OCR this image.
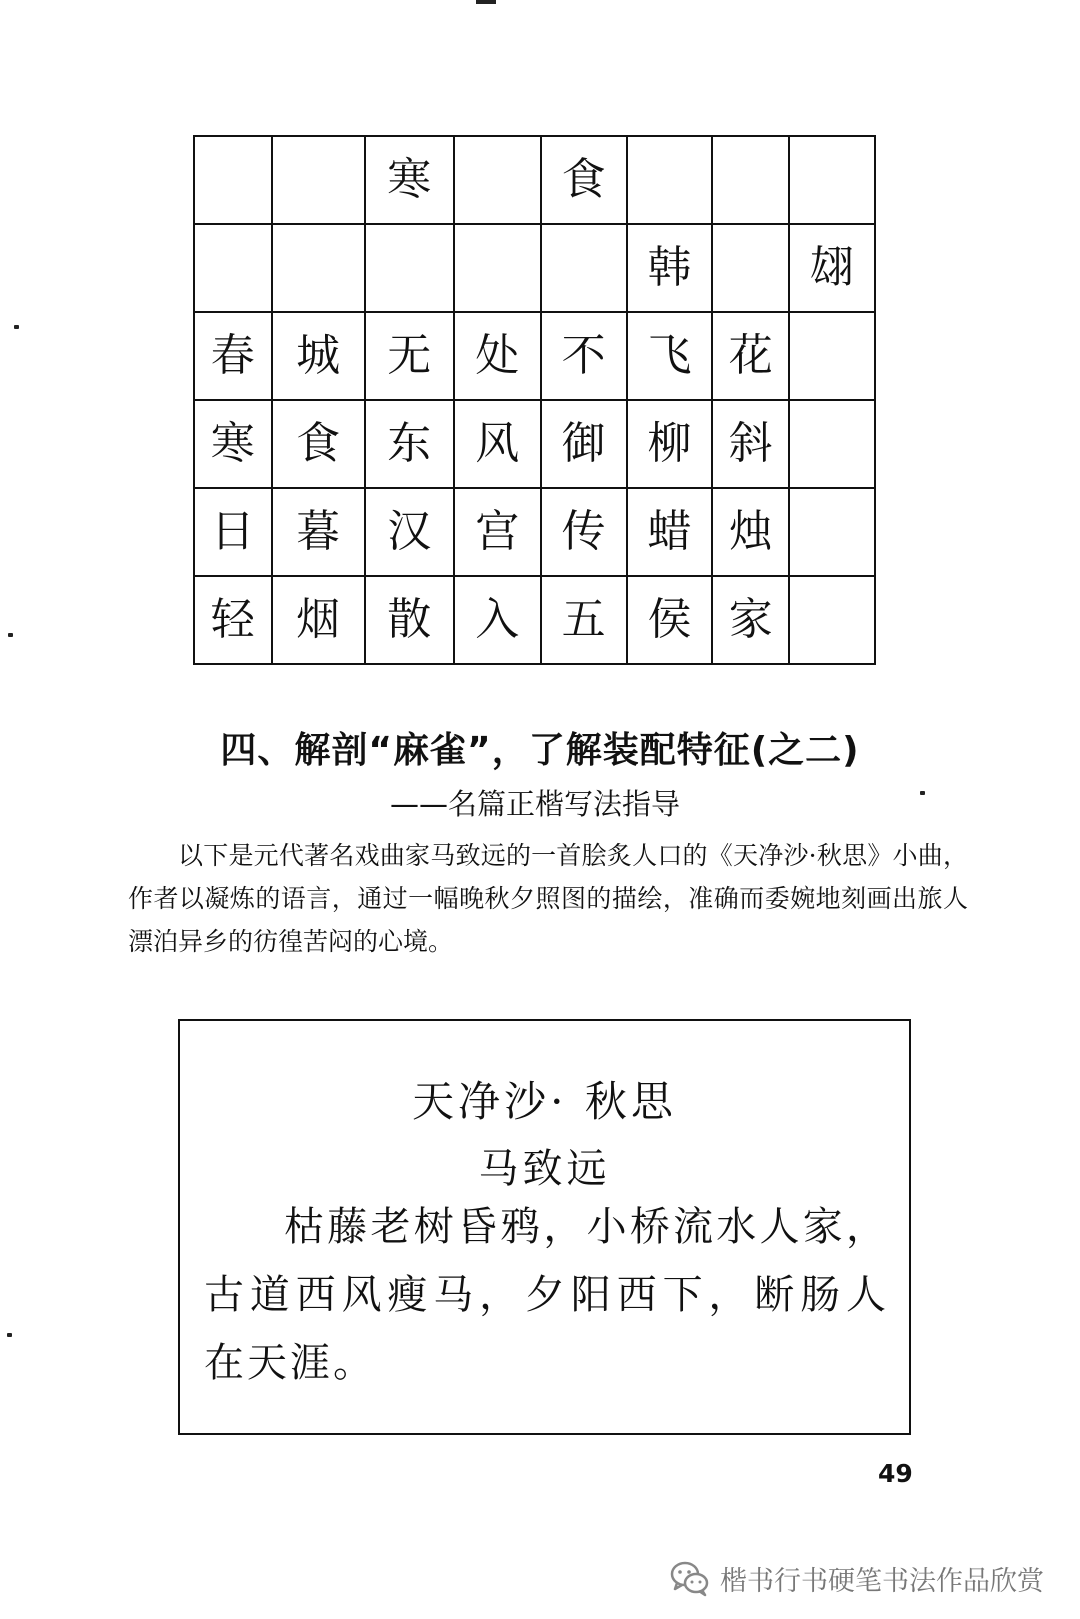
		寒		食			
					韩		翃
春	城	无	处	不	飞	花	
寒	食	东	风	御	柳	斜	
日	暮	汉	宫	传	蜡	烛	
轻	烟	散	入	五	侯	家	
四、解剖“麻雀”，了解装配特征(之二)
——名篇正楷写法指导

以下是元代著名戏曲家马致远的一首脍炙人口的《天净沙·秋思》小曲，作者以凝炼的语言，通过一幅晚秋夕照图的描绘，准确而委婉地刻画出旅人漂泊异乡的彷徨苦闷的心境。

天净沙· 秋思
马致远

枯藤老树昏鸦，小桥流水人家，古道西风瘦马，夕阳西下，断肠人在天涯。

49
楷书行书硬笔书法作品欣赏
